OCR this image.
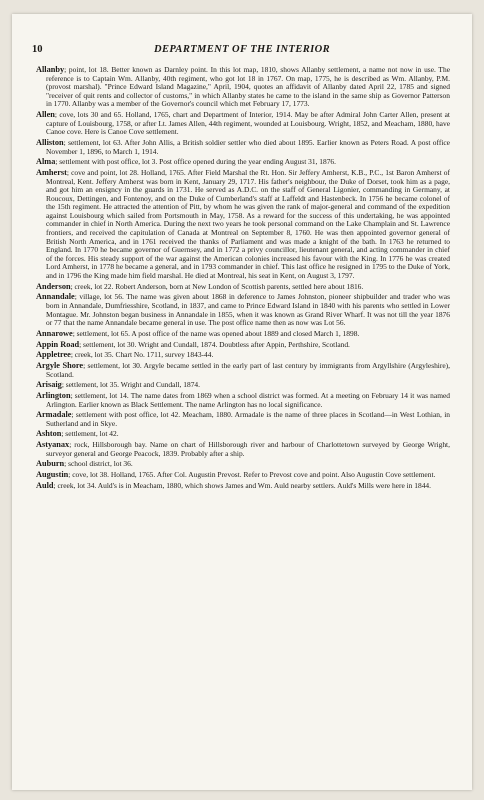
10	DEPARTMENT OF THE INTERIOR

Allanby; point, lot 18. Better known as Darnley point. In this lot map, 1810, shows Allanby settlement, a name not now in use. The reference is to Captain Wm. Allanby, 40th regiment, who got lot 18 in 1767. On map, 1775, he is described as Wm. Allanby, P.M. (provost marshal). "Prince Edward Island Magazine," April, 1904, quotes an affidavit of Allanby dated April 22, 1785 and signed "receiver of quit rents and collector of customs," in which Allanby states he came to the island in the same ship as Governor Patterson in 1770. Allanby was a member of the Governor's council which met February 17, 1773.

Allen; cove, lots 30 and 65. Holland, 1765, chart and Department of Interior, 1914. May be after Admiral John Carter Allen, present at capture of Louisbourg, 1758, or after Lt. James Allen, 44th regiment, wounded at Louisbourg. Wright, 1852, and Meacham, 1880, have Canoe cove. Here is Canoe Cove settlement.

Alliston; settlement, lot 63. After John Allis, a British soldier settler who died about 1895. Earlier known as Peters Road. A post office November 1, 1896, to March 1, 1914.

Alma; settlement with post office, lot 3. Post office opened during the year ending August 31, 1876.

Amherst; cove and point, lot 28. Holland, 1765. After Field Marshal the Rt. Hon. Sir Jeffery Amherst, K.B., P.C., 1st Baron Amherst of Montreal, Kent. Jeffery Amherst was born in Kent, January 29, 1717. His father's neighbour, the Duke of Dorset, took him as a page, and got him an ensigncy in the guards in 1731. He served as A.D.C. on the staff of General Ligonier, commanding in Germany, at Roucoux, Dettingen, and Fontenoy, and on the Duke of Cumberland's staff at Laffeldt and Hastenbeck. In 1756 he became colonel of the 15th regiment. He attracted the attention of Pitt, by whom he was given the rank of major-general and command of the expedition against Louisbourg which sailed from Portsmouth in May, 1758. As a reward for the success of this undertaking, he was appointed commander in chief in North America. During the next two years he took personal command on the Lake Champlain and St. Lawrence frontiers, and received the capitulation of Canada at Montreal on September 8, 1760. He was then appointed governor general of British North America, and in 1761 received the thanks of Parliament and was made a knight of the bath. In 1763 he returned to England. In 1770 he became governor of Guernsey, and in 1772 a privy councillor, lieutenant general, and acting commander in chief of the forces. His steady support of the war against the American colonies increased his favour with the King. In 1776 he was created Lord Amherst, in 1778 he became a general, and in 1793 commander in chief. This last office he resigned in 1795 to the Duke of York, and in 1796 the King made him field marshal. He died at Montreal, his seat in Kent, on August 3, 1797.

Anderson; creek, lot 22. Robert Anderson, born at New London of Scottish parents, settled here about 1816.

Annandale; village, lot 56. The name was given about 1868 in deference to James Johnston, pioneer shipbuilder and trader who was born in Annandale, Dumfriesshire, Scotland, in 1837, and came to Prince Edward Island in 1840 with his parents who settled in Lower Montague. Mr. Johnston began business in Annandale in 1855, when it was known as Grand River Wharf. It was not till the year 1876 or 77 that the name Annandale became general in use. The post office name then as now was Lot 56.

Annarowe; settlement, lot 65. A post office of the name was opened about 1889 and closed March 1, 1898.

Appin Road; settlement, lot 30. Wright and Cundall, 1874. Doubtless after Appin, Perthshire, Scotland.

Appletree; creek, lot 35. Chart No. 1711, survey 1843-44.

Argyle Shore; settlement, lot 30. Argyle became settled in the early part of last century by immigrants from Argyllshire (Argyleshire), Scotland.

Arisaig; settlement, lot 35. Wright and Cundall, 1874.

Arlington; settlement, lot 14. The name dates from 1869 when a school district was formed. At a meeting on February 14 it was named Arlington. Earlier known as Black Settlement. The name Arlington has no local significance.

Armadale; settlement with post office, lot 42. Meacham, 1880. Armadale is the name of three places in Scotland—in West Lothian, in Sutherland and in Skye.

Ashton; settlement, lot 42.

Astyanax; rock, Hillsborough bay. Name on chart of Hillsborough river and harbour of Charlottetown surveyed by George Wright, surveyor general and George Peacock, 1839. Probably after a ship.

Auburn; school district, lot 36.

Augustin; cove, lot 38. Holland, 1765. After Col. Augustin Prevost. Refer to Prevost cove and point. Also Augustin Cove settlement.

Auld; creek, lot 34. Auld's is in Meacham, 1880, which shows James and Wm. Auld nearby settlers. Auld's Mills were here in 1844.
